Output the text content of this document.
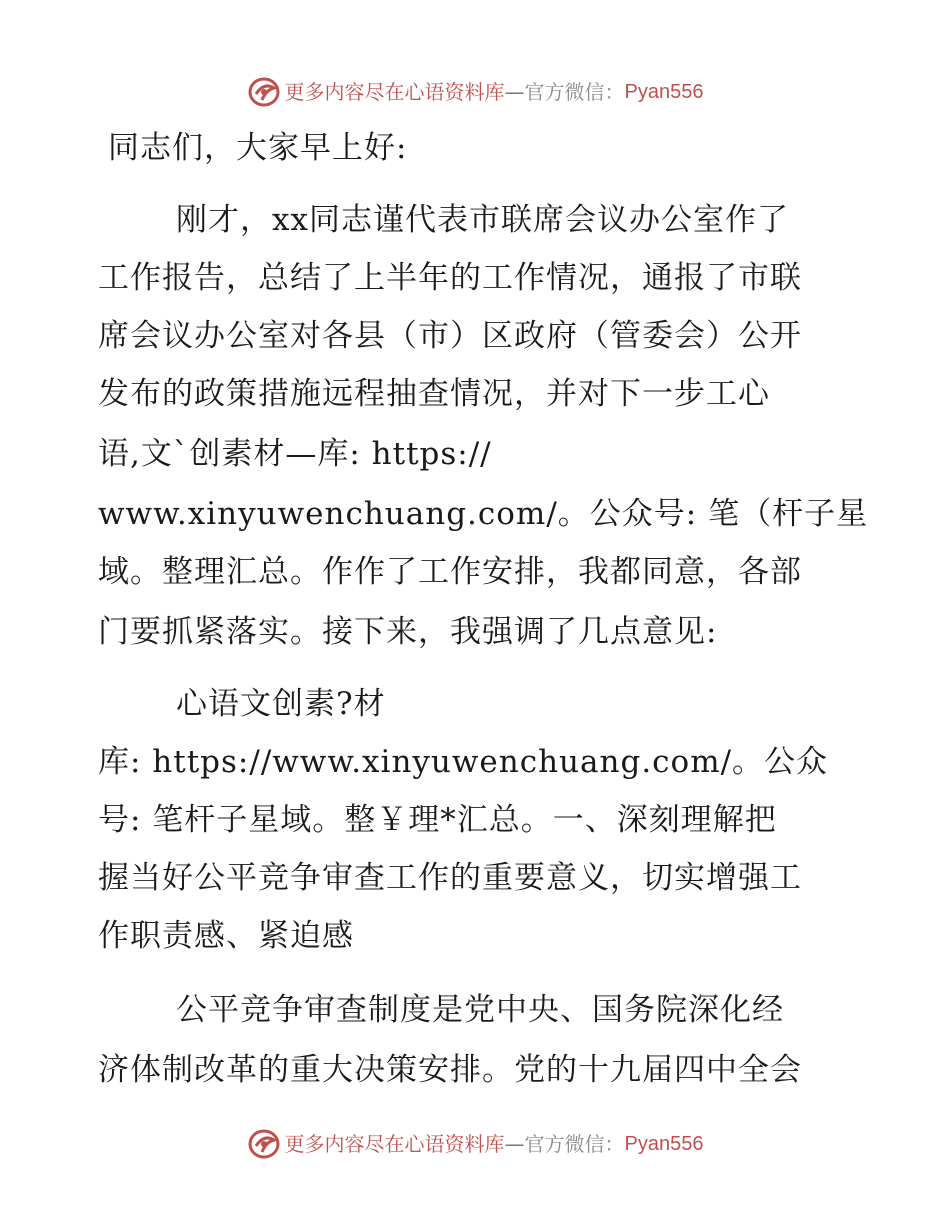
更多内容尽在心语资料库 — 官方微信： Pyan556
同志们，大家早上好:
刚才，xx同志谨代表市联席会议办公室作了
工作报告，总结了上半年的工作情况，通报了市联
席会议办公室对各县（市）区政府（管委会）公开
发布的政策措施远程抽查情况，并对下一步工心
语,文`创素材—库: https://
www.xinyuwenchuang.com/。公众号: 笔（杆子星
域。整理汇总。作作了工作安排，我都同意，各部
门要抓紧落实。接下来，我强调了几点意见:
心语文创素?材
库: https://www.xinyuwenchuang.com/。公众
号: 笔杆子星域。整￥理*汇总。一、深刻理解把
握当好公平竞争审查工作的重要意义，切实增强工
作职责感、紧迫感
公平竞争审查制度是党中央、国务院深化经
济体制改革的重大决策安排。党的十九届四中全会
更多内容尽在心语资料库 — 官方微信： Pyan556
